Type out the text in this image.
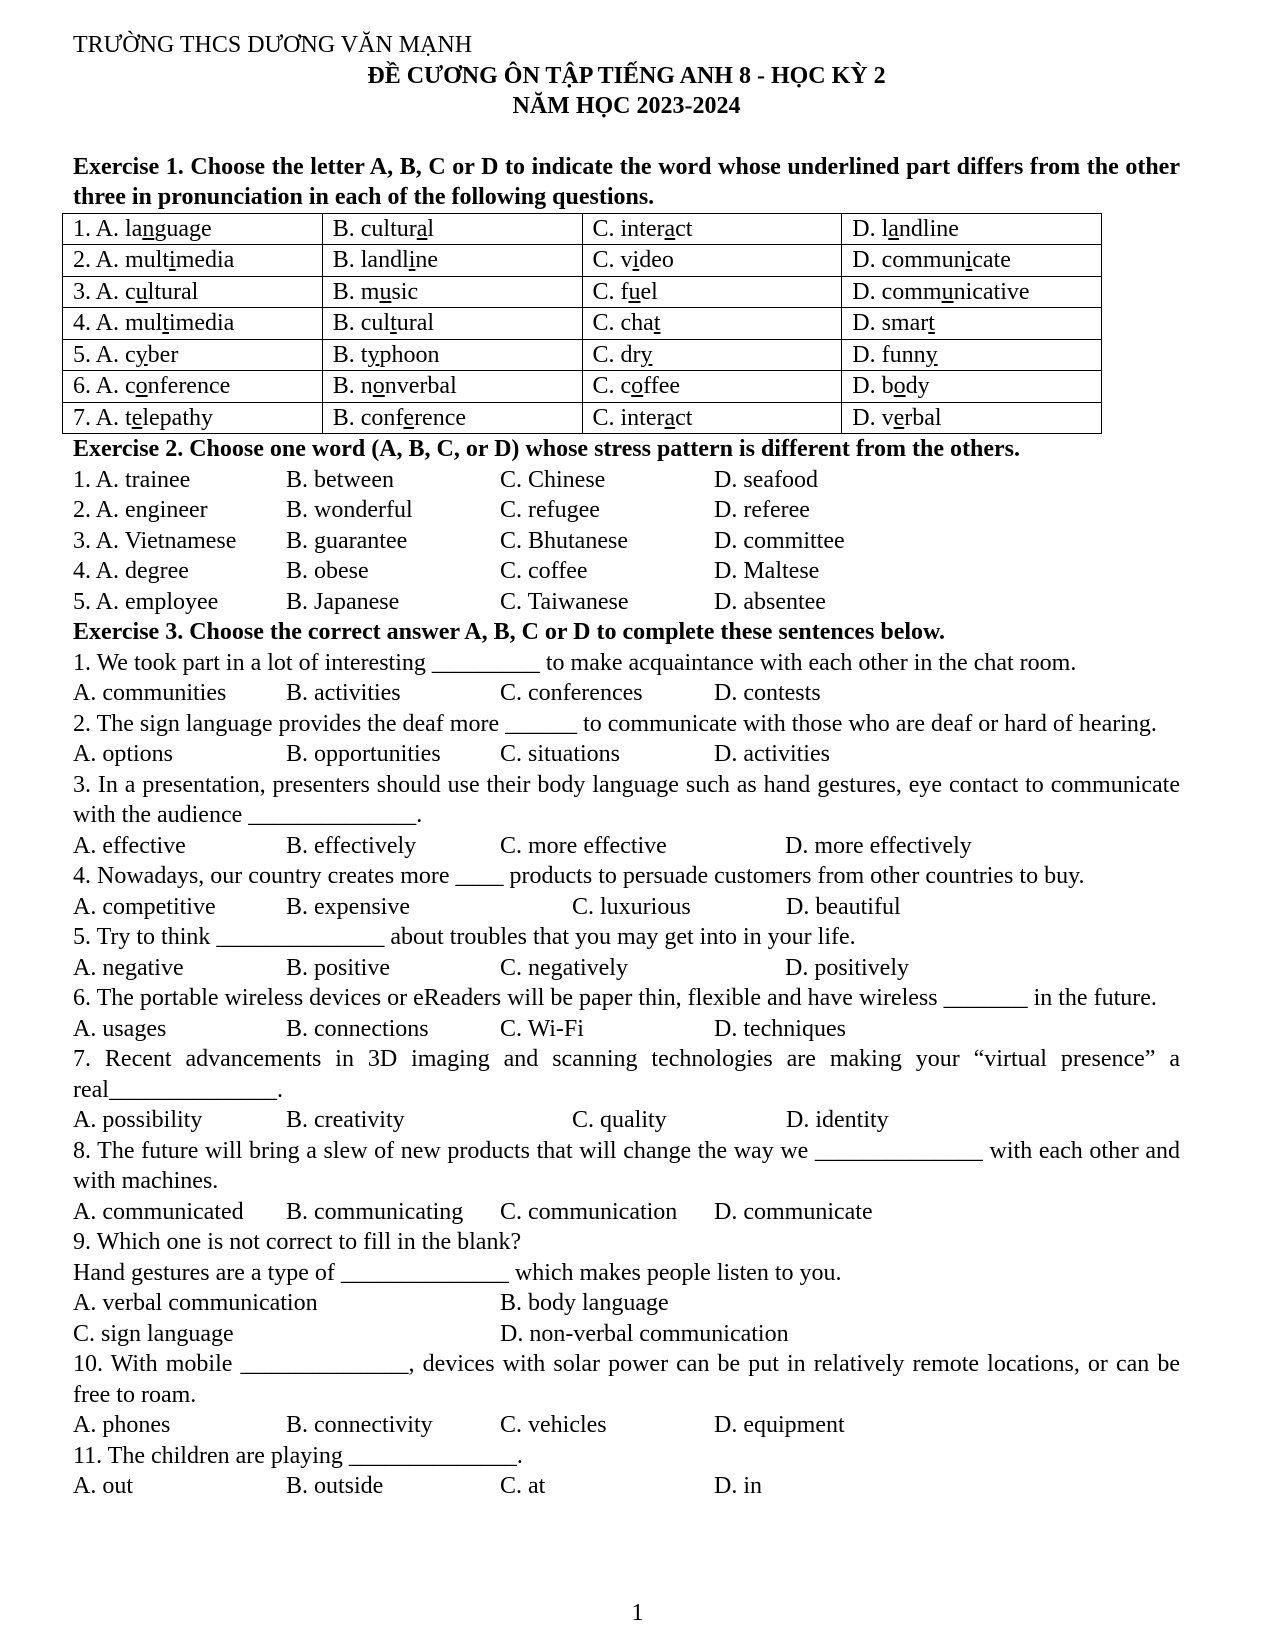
TRƯỜNG THCS DƯƠNG VĂN MẠNH
ĐỀ CƯƠNG ÔN TẬP TIẾNG ANH 8 - HỌC KỲ 2
NĂM HỌC 2023-2024
Exercise 1. Choose the letter A, B, C or D to indicate the word whose underlined part differs from the other three in pronunciation in each of the following questions.
1. A. language	B. cultural	C. interact	D. landline
2. A. multimedia	B. landline	C. video	D. communicate
3. A. cultural	B. music	C. fuel	D. communicative
4. A. multimedia	B. cultural	C. chat	D. smart
5. A. cyber	B. typhoon	C. dry	D. funny
6. A. conference	B. nonverbal	C. coffee	D. body
7. A. telepathy	B. conference	C. interact	D. verbal
Exercise 2. Choose one word (A, B, C, or D) whose stress pattern is different from the others.
1. A. trainee	B. between	C. Chinese	D. seafood
2. A. engineer	B. wonderful	C. refugee	D. referee
3. A. Vietnamese	B. guarantee	C. Bhutanese	D. committee
4. A. degree	B. obese	C. coffee	D. Maltese
5. A. employee	B. Japanese	C. Taiwanese	D. absentee
Exercise 3. Choose the correct answer A, B, C or D to complete these sentences below.
1. We took part in a lot of interesting _________ to make acquaintance with each other in the chat room.
A. communities	B. activities	C. conferences	D. contests
2. The sign language provides the deaf more ______ to communicate with those who are deaf or hard of hearing.
A. options	B. opportunities	C. situations	D. activities
3. In a presentation, presenters should use their body language such as hand gestures, eye contact to communicate with the audience ______________.
A. effective	B. effectively	C. more effective	D. more effectively
4. Nowadays, our country creates more ____ products to persuade customers from other countries to buy.
A. competitive	B. expensive	C. luxurious	D. beautiful
5. Try to think ______________ about troubles that you may get into in your life.
A. negative	B. positive	C. negatively	D. positively
6. The portable wireless devices or eReaders will be paper thin, flexible and have wireless _______ in the future.
A. usages	B. connections	C. Wi-Fi	D. techniques
7. Recent advancements in 3D imaging and scanning technologies are making your “virtual presence” a real______________.
A. possibility	B. creativity	C. quality	D. identity
8. The future will bring a slew of new products that will change the way we ______________ with each other and with machines.
A. communicated	B. communicating	C. communication	D. communicate
9. Which one is not correct to fill in the blank?
Hand gestures are a type of ______________ which makes people listen to you.
A. verbal communication	B. body language
C. sign language	D. non-verbal communication
10. With mobile ______________, devices with solar power can be put in relatively remote locations, or can be free to roam.
A. phones	B. connectivity	C. vehicles	D. equipment
11. The children are playing ______________.
A. out	B. outside	C. at	D. in
1
